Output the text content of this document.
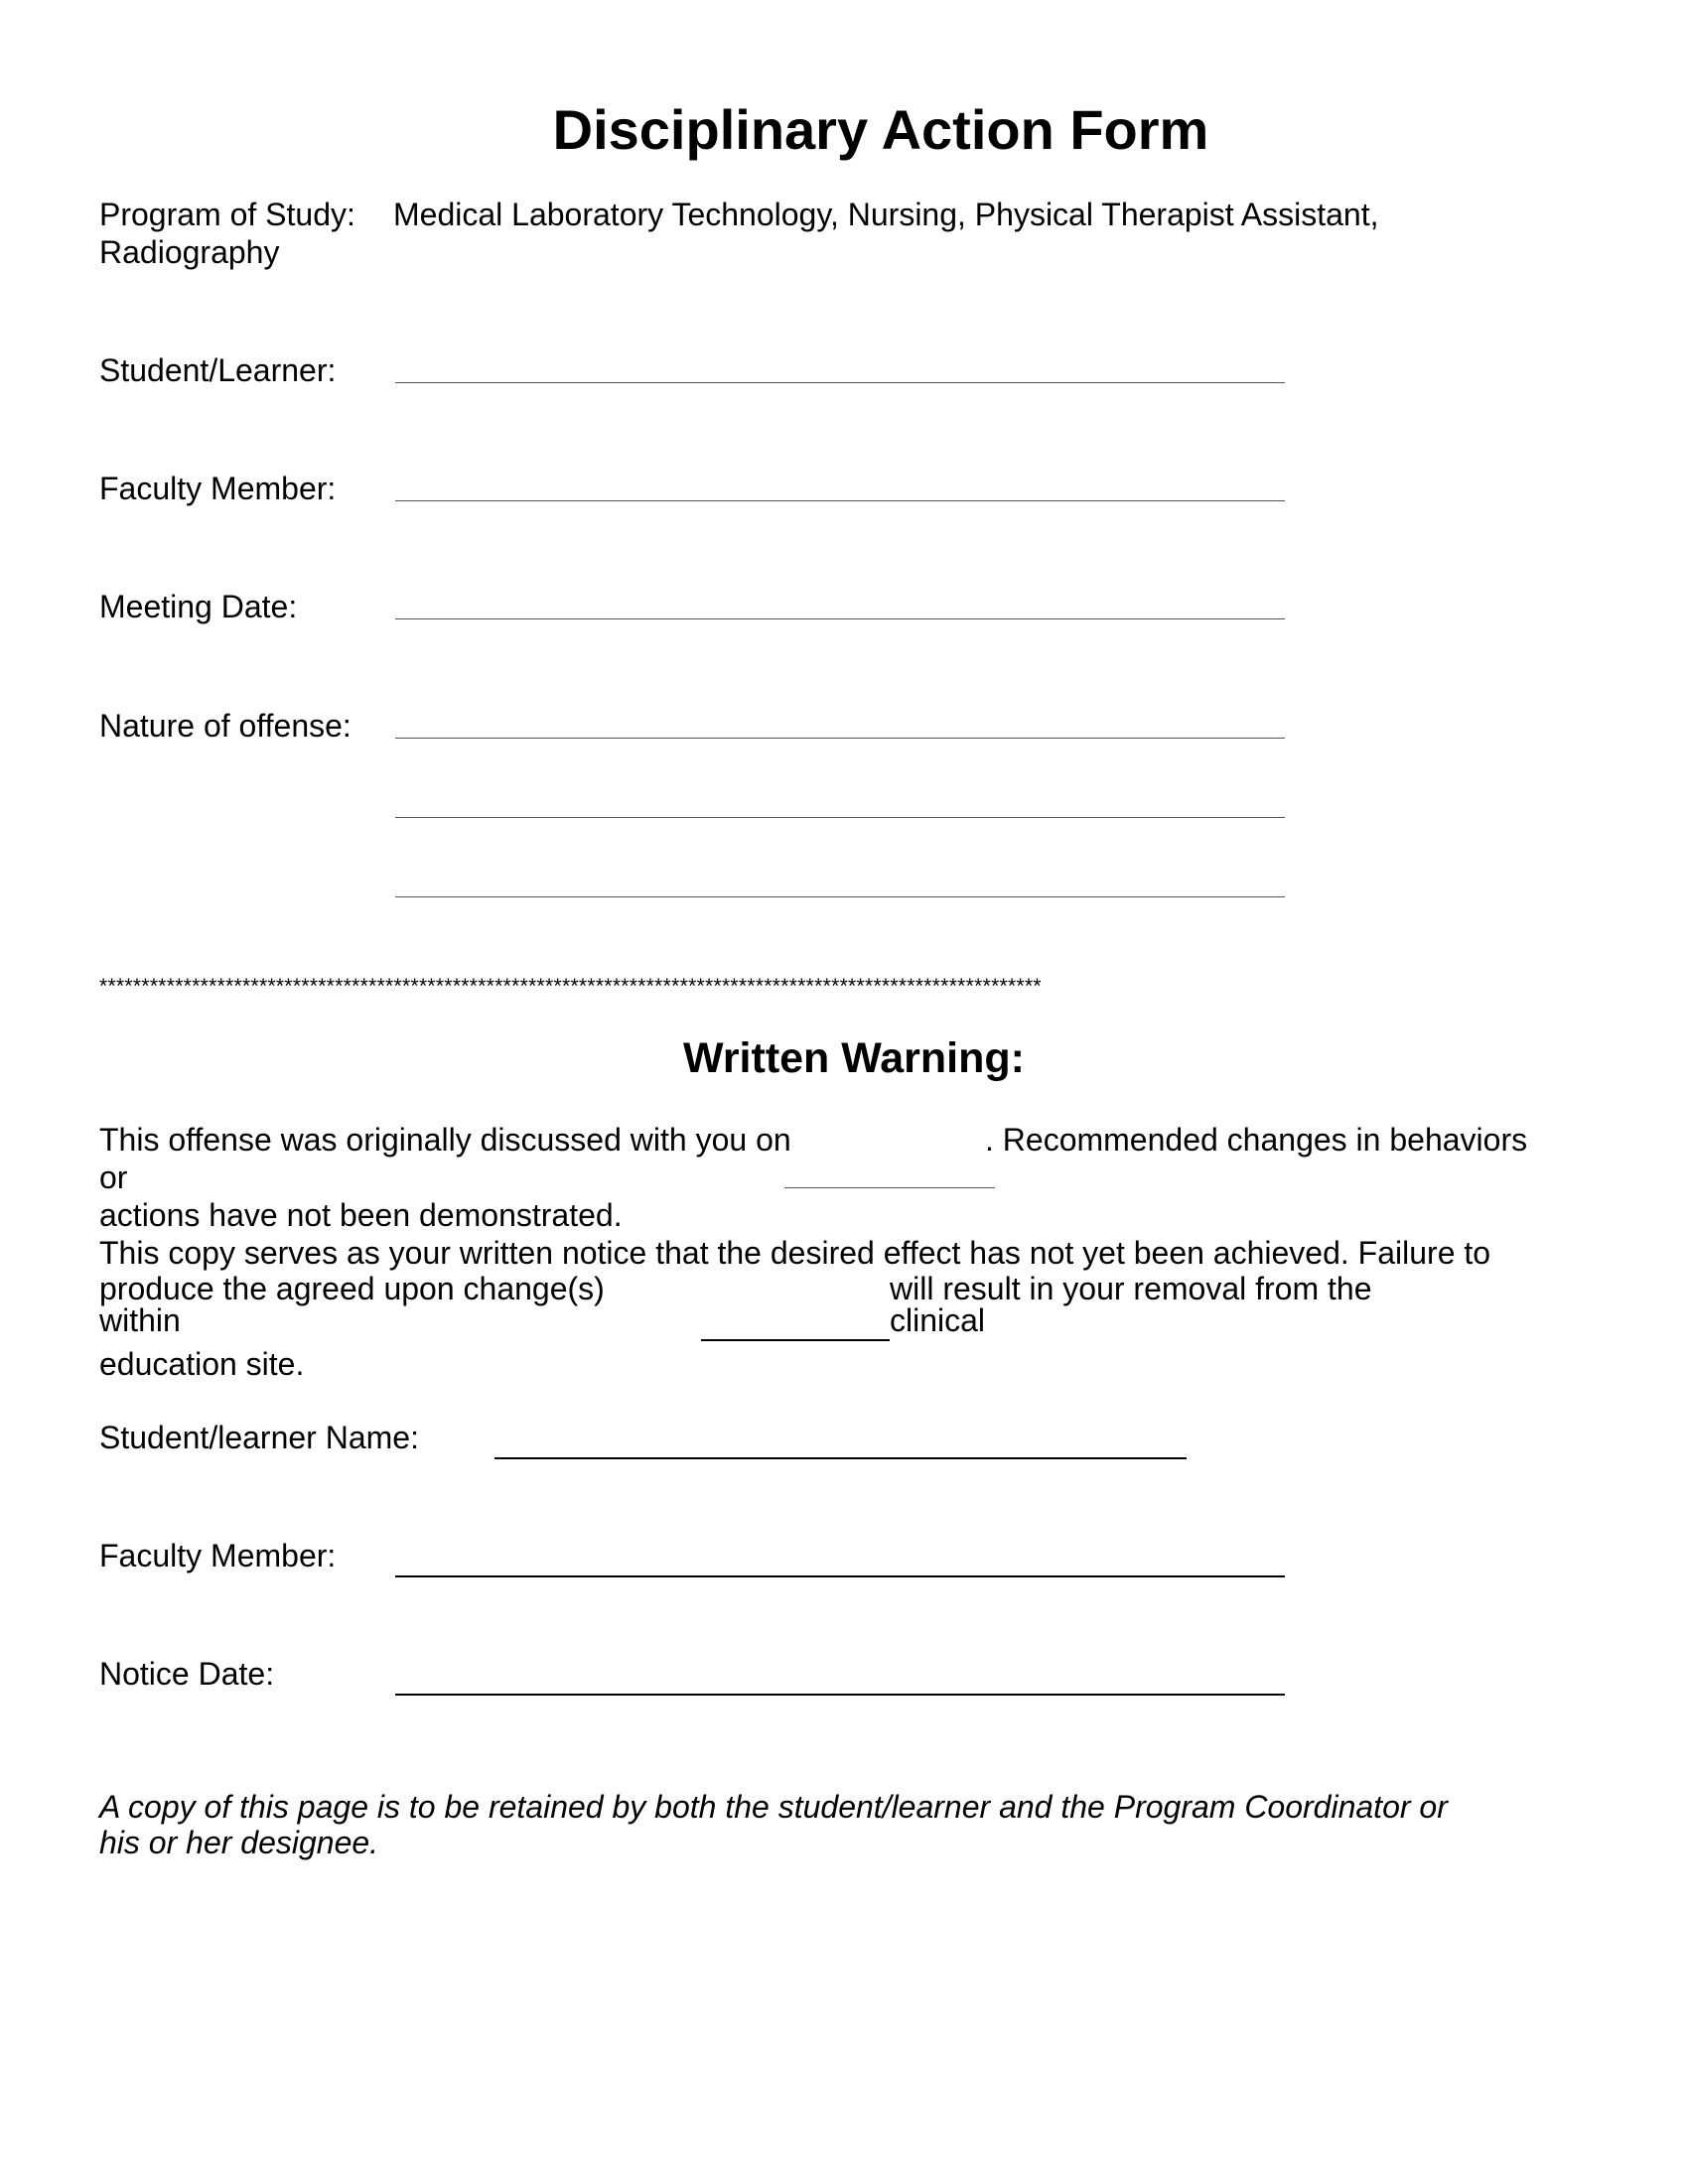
Disciplinary Action Form
Program of Study: Medical Laboratory Technology, Nursing, Physical Therapist Assistant,
Radiography
Student/Learner:
Faculty Member:
Meeting Date:
Nature of offense:
****************************************************************************************************************
Written Warning:
This offense was originally discussed with you on	. Recommended changes in behaviors
or
actions have not been demonstrated.
This copy serves as your written notice that the desired effect has not yet been achieved. Failure to
produce the agreed upon change(s)	will result in your removal from the
within	clinical
education site.
Student/learner Name:
Faculty Member:
Notice Date:
A copy of this page is to be retained by both the student/learner and the Program Coordinator or
his or her designee.
